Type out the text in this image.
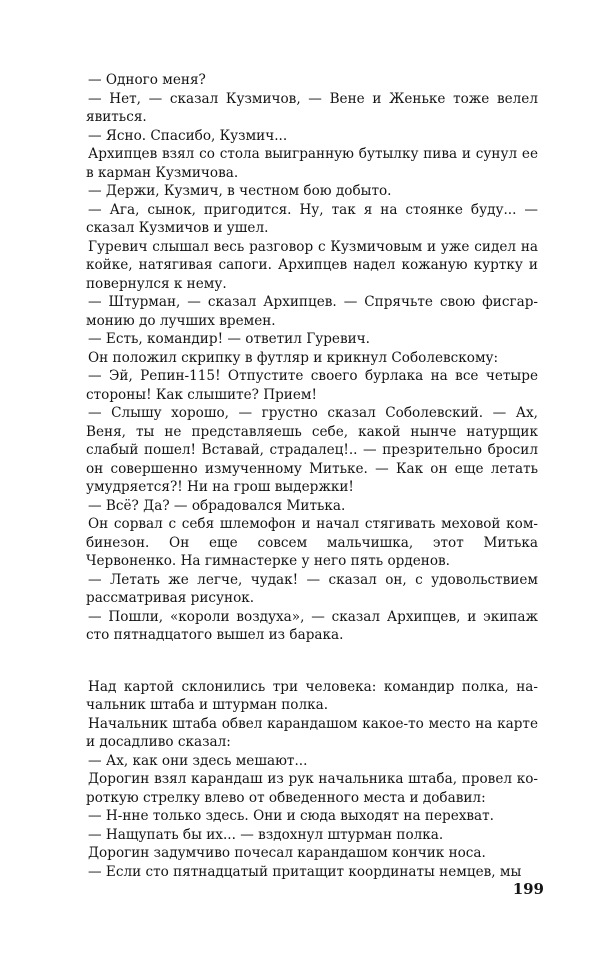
— Одного меня?

— Нет, — сказал Кузмичов, — Вене и Женьке тоже велел явиться.

— Ясно. Спасибо, Кузмич...

Архипцев взял со стола выигранную бутылку пива и сунул ее в карман Кузмичова.

— Держи, Кузмич, в честном бою добыто.

— Ага, сынок, пригодится. Ну, так я на стоянке буду... — сказал Кузмичов и ушел.

Гуревич слышал весь разговор с Кузмичовым и уже сидел на койке, натягивая сапоги. Архипцев надел кожаную куртку и повернулся к нему.

— Штурман, — сказал Архипцев. — Спрячьте свою фисгармонию до лучших времен.

— Есть, командир! — ответил Гуревич.

Он положил скрипку в футляр и крикнул Соболевскому:

— Эй, Репин-115! Отпустите своего бурлака на все четыре стороны! Как слышите? Прием!

— Слышу хорошо, — грустно сказал Соболевский. — Ах, Веня, ты не представляешь себе, какой нынче натурщик слабый пошел! Вставай, страдалец!.. — презрительно бросил он совершенно измученному Митьке. — Как он еще летать умудряется?! Ни на грош выдержки!

— Всё? Да? — обрадовался Митька.

Он сорвал с себя шлемофон и начал стягивать меховой комбинезон. Он еще совсем мальчишка, этот Митька Червоненко. На гимнастерке у него пять орденов.

— Летать же легче, чудак! — сказал он, с удовольствием рассматривая рисунок.

— Пошли, «короли воздуха», — сказал Архипцев, и экипаж сто пятнадцатого вышел из барака.

Над картой склонились три человека: командир полка, начальник штаба и штурман полка.

Начальник штаба обвел карандашом какое-то место на карте и досадливо сказал:

— Ах, как они здесь мешают...

Дорогин взял карандаш из рук начальника штаба, провел короткую стрелку влево от обведенного места и добавил:

— Н-нне только здесь. Они и сюда выходят на перехват.

— Нащупать бы их... — вздохнул штурман полка.

Дорогин задумчиво почесал карандашом кончик носа.

— Если сто пятнадцатый притащит координаты немцев, мы

199
